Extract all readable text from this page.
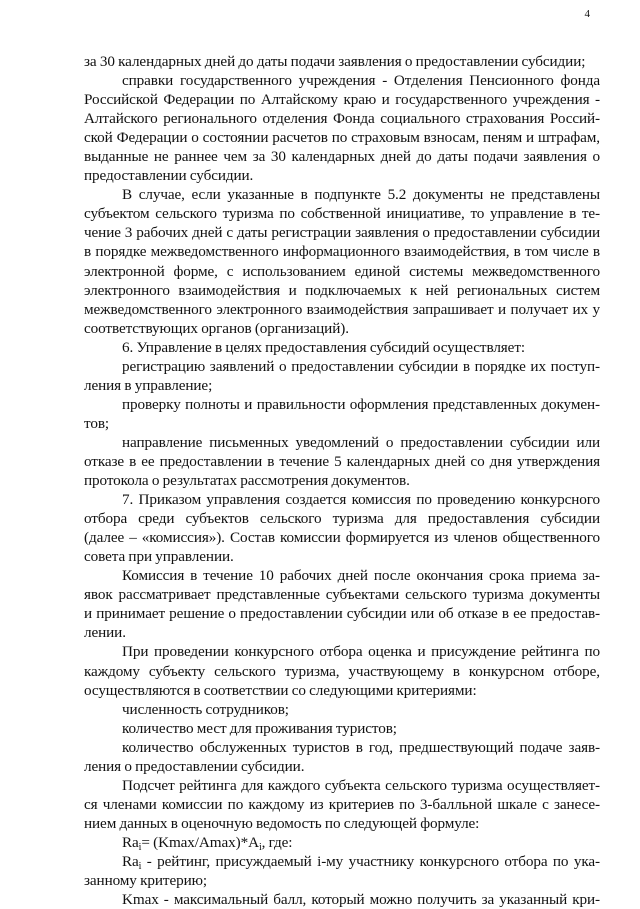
4
за 30 календарных дней до даты подачи заявления о предоставлении субсидии;
справки государственного учреждения - Отделения Пенсионного фонда
Российской Федерации по Алтайскому краю и государственного учреждения -
Алтайского регионального отделения Фонда социального страхования Россий-
ской Федерации о состоянии расчетов по страховым взносам, пеням и штрафам,
выданные не раннее чем за 30 календарных дней до даты подачи заявления о
предоставлении субсидии.
В случае, если указанные в подпункте 5.2 документы не представлены
субъектом сельского туризма по собственной инициативе, то управление в те-
чение 3 рабочих дней с даты регистрации заявления о предоставлении субсидии
в порядке межведомственного информационного взаимодействия, в том числе в
электронной форме, с использованием единой системы межведомственного
электронного взаимодействия и подключаемых к ней региональных систем
межведомственного электронного взаимодействия запрашивает и получает их у
соответствующих органов (организаций).
6. Управление в целях предоставления субсидий осуществляет:
регистрацию заявлений о предоставлении субсидии в порядке их поступ-
ления в управление;
проверку полноты и правильности оформления представленных докумен-
тов;
направление письменных уведомлений о предоставлении субсидии или
отказе в ее предоставлении в течение 5 календарных дней со дня утверждения
протокола о результатах рассмотрения документов.
7. Приказом управления создается комиссия по проведению конкурсного
отбора среди субъектов сельского туризма для предоставления субсидии
(далее – «комиссия»). Состав комиссии формируется из членов общественного
совета при управлении.
Комиссия в течение 10 рабочих дней после окончания срока приема за-
явок рассматривает представленные субъектами сельского туризма документы
и принимает решение о предоставлении субсидии или об отказе в ее предостав-
лении.
При проведении конкурсного отбора оценка и присуждение рейтинга по
каждому субъекту сельского туризма, участвующему в конкурсном отборе,
осуществляются в соответствии со следующими критериями:
численность сотрудников;
количество мест для проживания туристов;
количество обслуженных туристов в год, предшествующий подаче заяв-
ления о предоставлении субсидии.
Подсчет рейтинга для каждого субъекта сельского туризма осуществляет-
ся членами комиссии по каждому из критериев по 3-балльной шкале с занесе-
нием данных в оценочную ведомость по следующей формуле:
$Ra_i= (Kmax/Amax)*A_i$, где:
$Ra_i$ - рейтинг, присуждаемый i-му участнику конкурсного отбора по ука-
занному критерию;
Kmax - максимальный балл, который можно получить за указанный кри-
